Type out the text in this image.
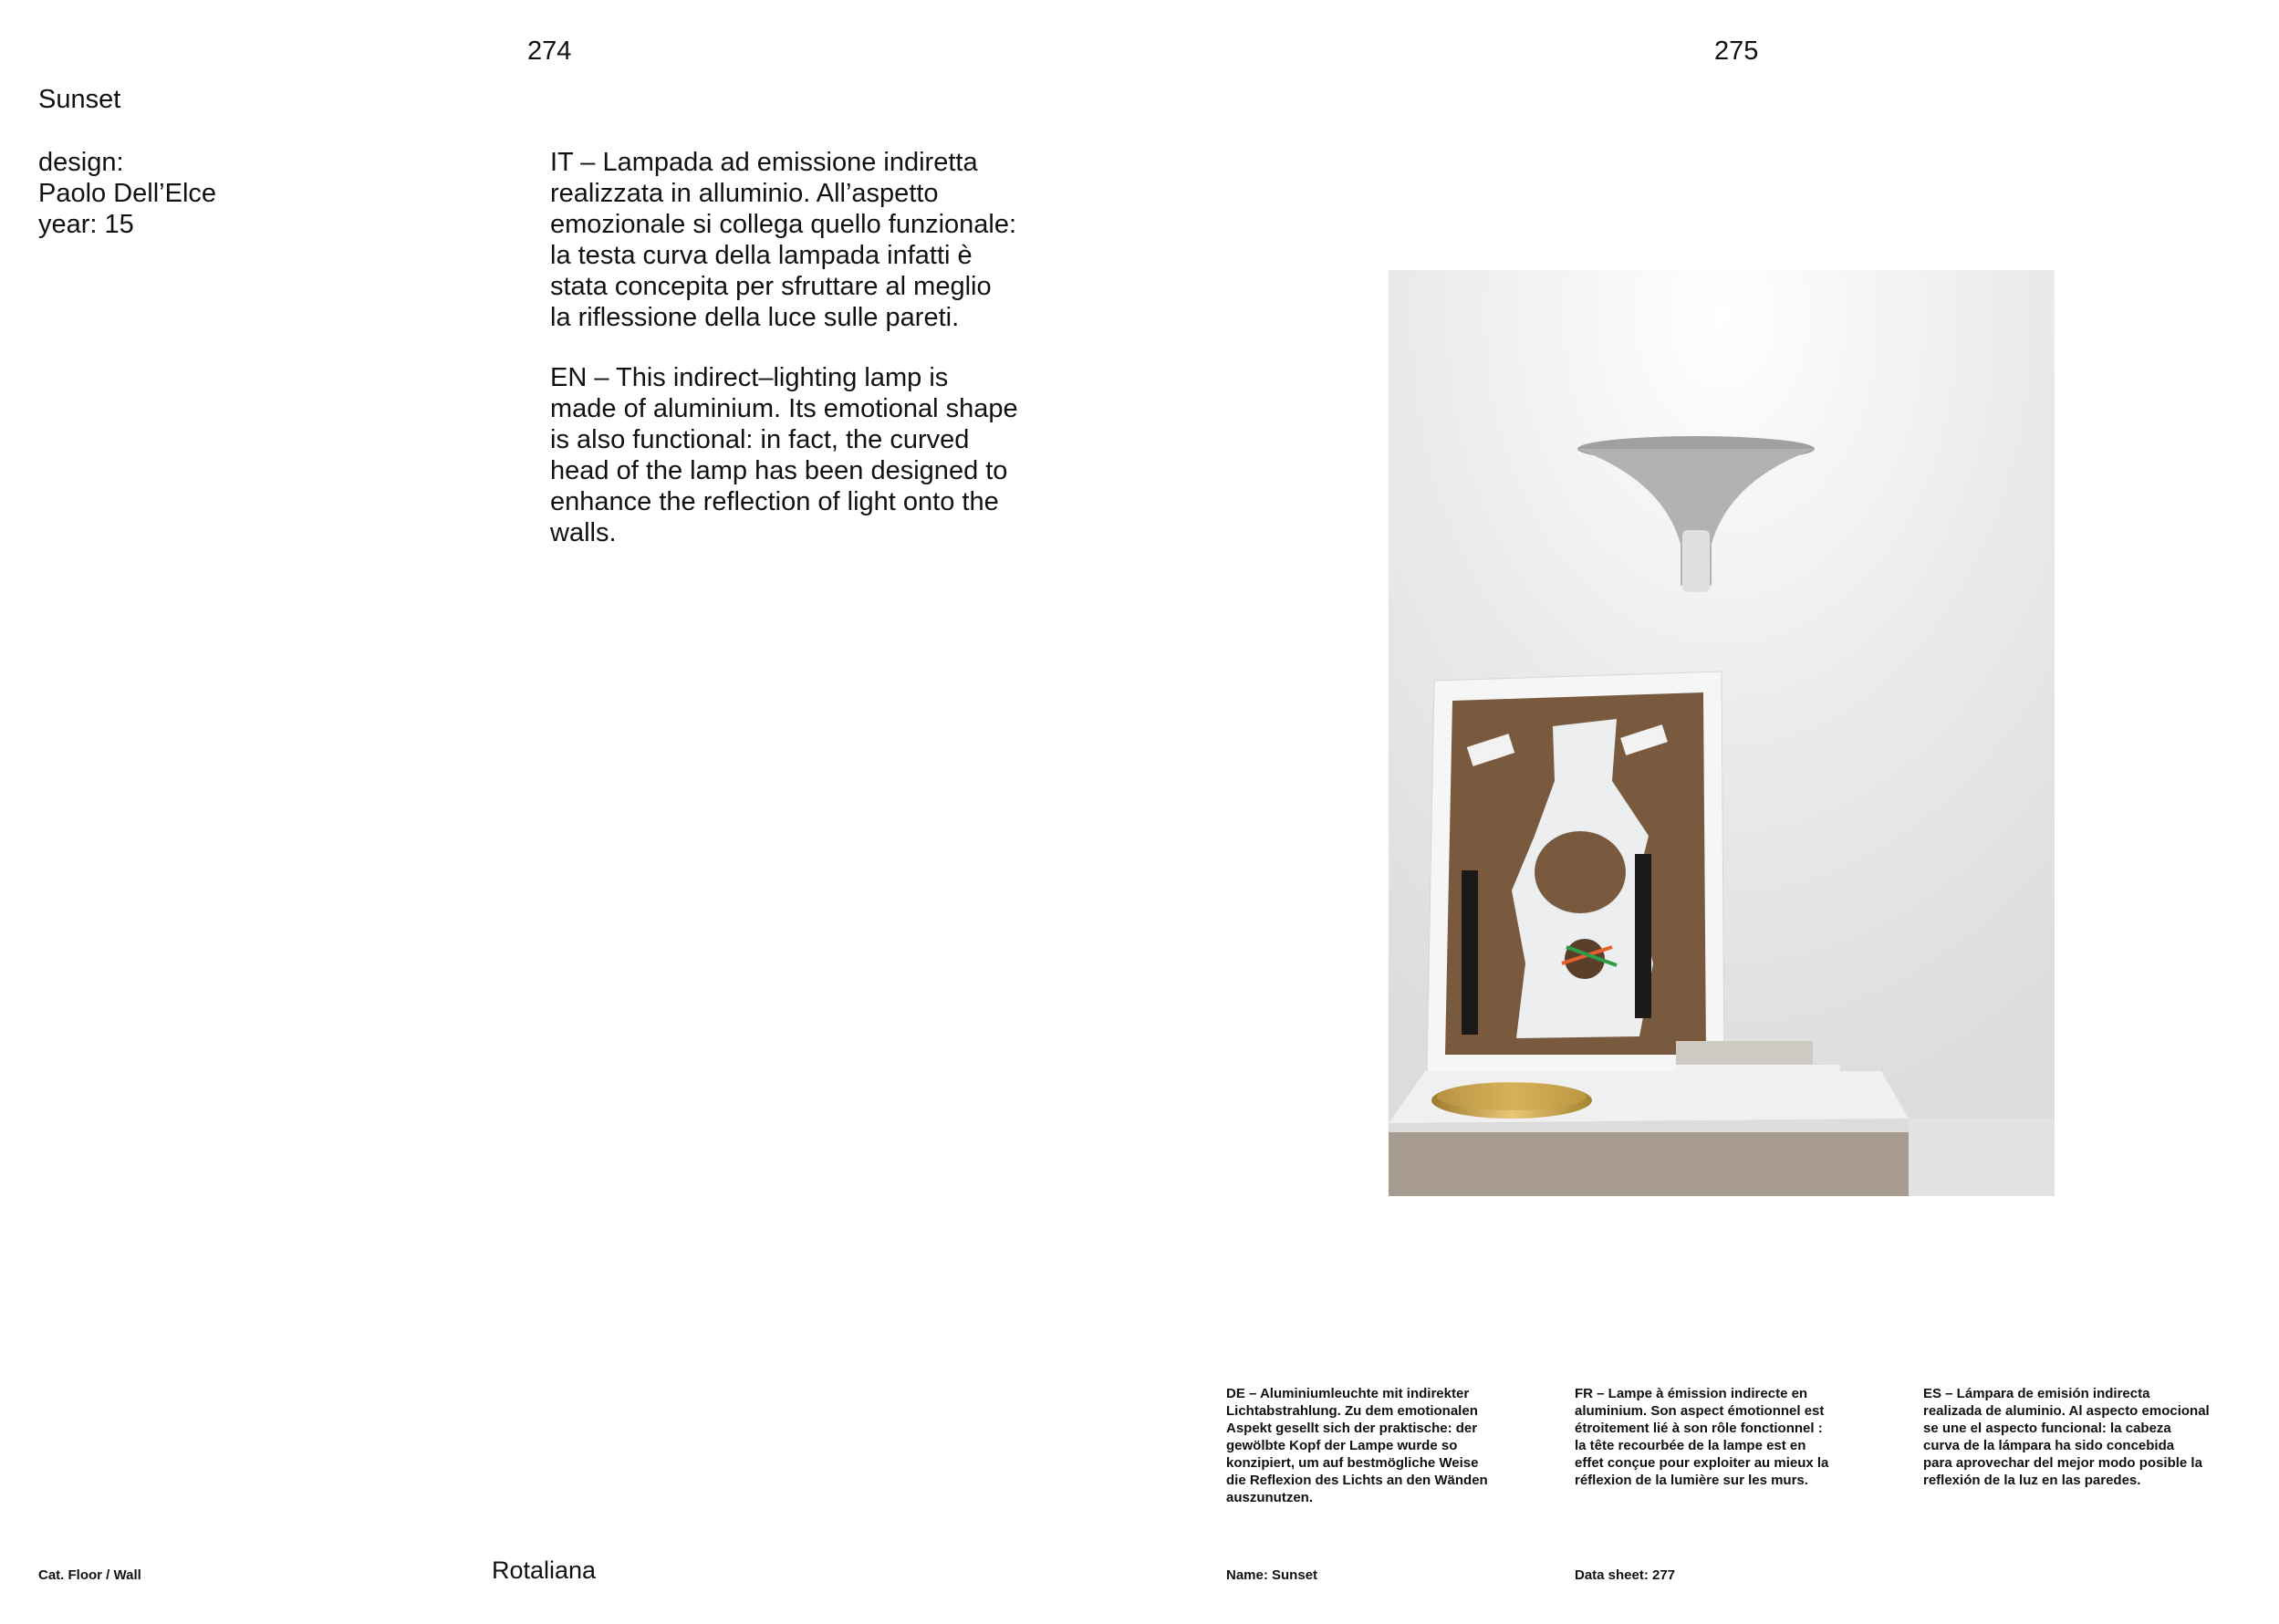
274
Sunset
design:
Paolo Dell’Elce
year: 15

IT – Lampada ad emissione indiretta
realizzata in alluminio. All’aspetto
emozionale si collega quello funzionale:
la testa curva della lampada infatti è
stata concepita per sfruttare al meglio
la riflessione della luce sulle pareti.

EN – This indirect–lighting lamp is
made of aluminium. Its emotional shape
is also functional: in fact, the curved
head of the lamp has been designed to
enhance the reflection of light onto the
walls.

Cat. Floor / Wall	Rotaliana
275

DE – Aluminiumleuchte mit indirekter
Lichtabstrahlung. Zu dem emotionalen
Aspekt gesellt sich der praktische: der
gewölbte Kopf der Lampe wurde so
konzipiert, um auf bestmögliche Weise
die Reflexion des Lichts an den Wänden
auszunutzen.

FR – Lampe à émission indirecte en
aluminium. Son aspect émotionnel est
étroitement lié à son rôle fonctionnel :
la tête recourbée de la lampe est en
effet conçue pour exploiter au mieux la
réflexion de la lumière sur les murs.

ES – Lámpara de emisión indirecta
realizada de aluminio. Al aspecto emocional
se une el aspecto funcional: la cabeza
curva de la lámpara ha sido concebida
para aprovechar del mejor modo posible la
reflexión de la luz en las paredes.

Name: Sunset	Data sheet: 277
